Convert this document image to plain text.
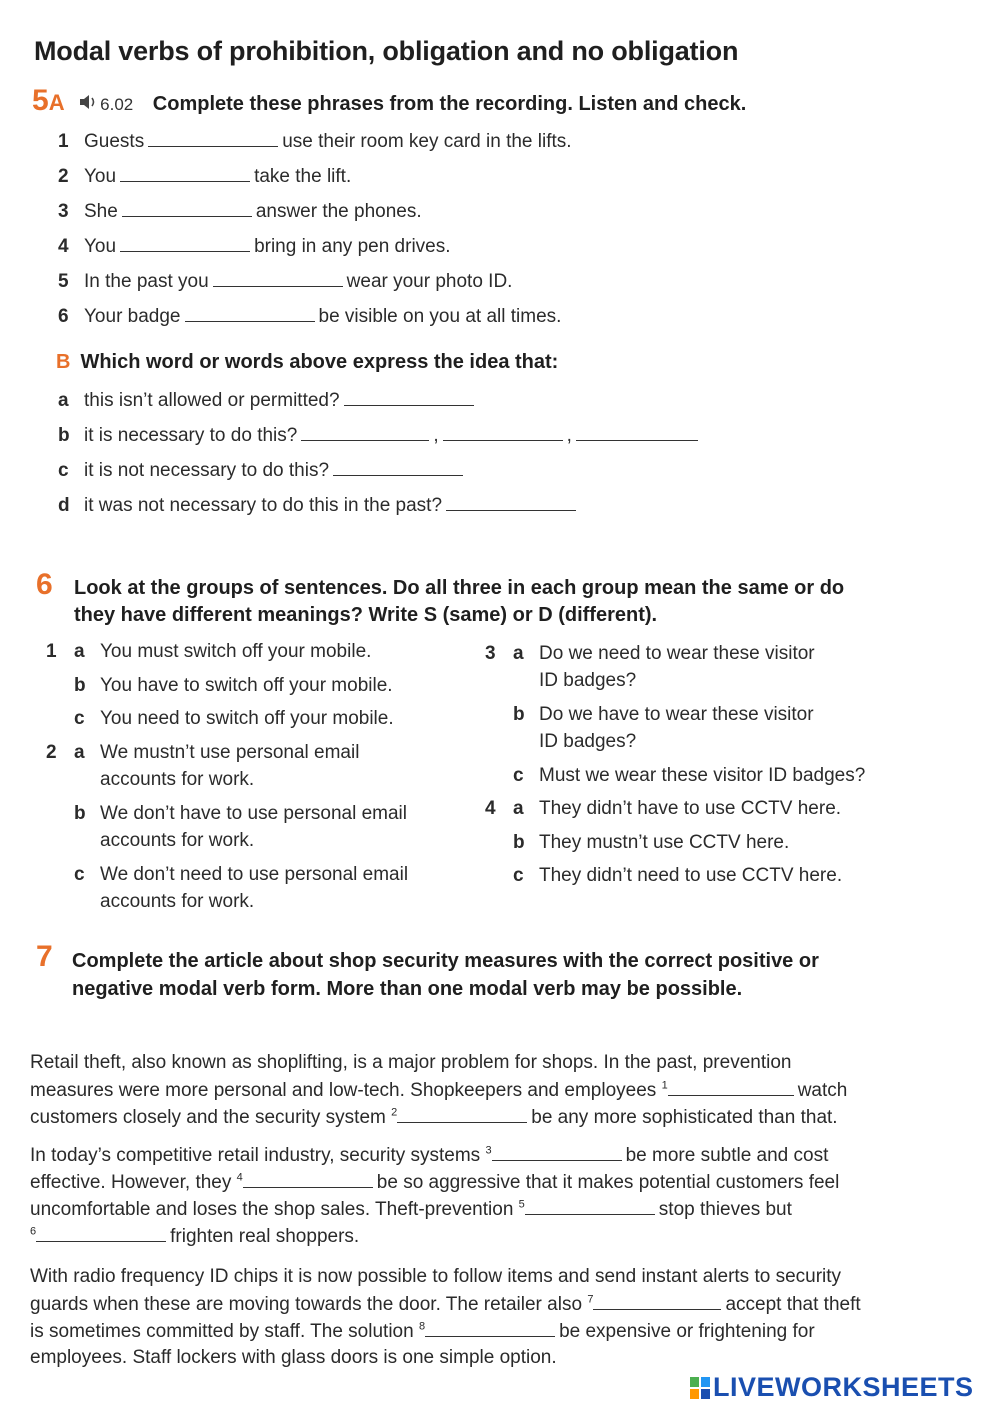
Modal verbs of prohibition, obligation and no obligation
5A 6.02 Complete these phrases from the recording. Listen and check.
1 Guests	use their room key card in the lifts.
2 You	take the lift.
3 She	answer the phones.
4 You	bring in any pen drives.
5 In the past you	wear your photo ID.
6 Your badge	be visible on you at all times.
B Which word or words above express the idea that:
a this isn’t allowed or permitted?
b it is necessary to do this?	,	,
c it is not necessary to do this?
d it was not necessary to do this in the past?
6 Look at the groups of sentences. Do all three in each group mean the same or do
they have different meanings? Write S (same) or D (different).
1 a You must switch off your mobile.
b You have to switch off your mobile.
c You need to switch off your mobile.
2 a We mustn’t use personal email
accounts for work.
b We don’t have to use personal email
accounts for work.
c We don’t need to use personal email
accounts for work.
3 a Do we need to wear these visitor
ID badges?
b Do we have to wear these visitor
ID badges?
c Must we wear these visitor ID badges?
4 a They didn’t have to use CCTV here.
b They mustn’t use CCTV here.
c They didn’t need to use CCTV here.
7 Complete the article about shop security measures with the correct positive or
negative modal verb form. More than one modal verb may be possible.
Retail theft, also known as shoplifting, is a major problem for shops. In the past, prevention
measures were more personal and low-tech. Shopkeepers and employees $^1$	watch
customers closely and the security system $^2$	be any more sophisticated than that.
In today’s competitive retail industry, security systems $^3$	be more subtle and cost
effective. However, they $^4$	be so aggressive that it makes potential customers feel
uncomfortable and loses the shop sales. Theft-prevention $^5$	stop thieves but
$^6$	frighten real shoppers.
With radio frequency ID chips it is now possible to follow items and send instant alerts to security
guards when these are moving towards the door. The retailer also $^7$	accept that theft
is sometimes committed by staff. The solution $^8$	be expensive or frightening for
employees. Staff lockers with glass doors is one simple option.
LIVEWORKSHEETS
